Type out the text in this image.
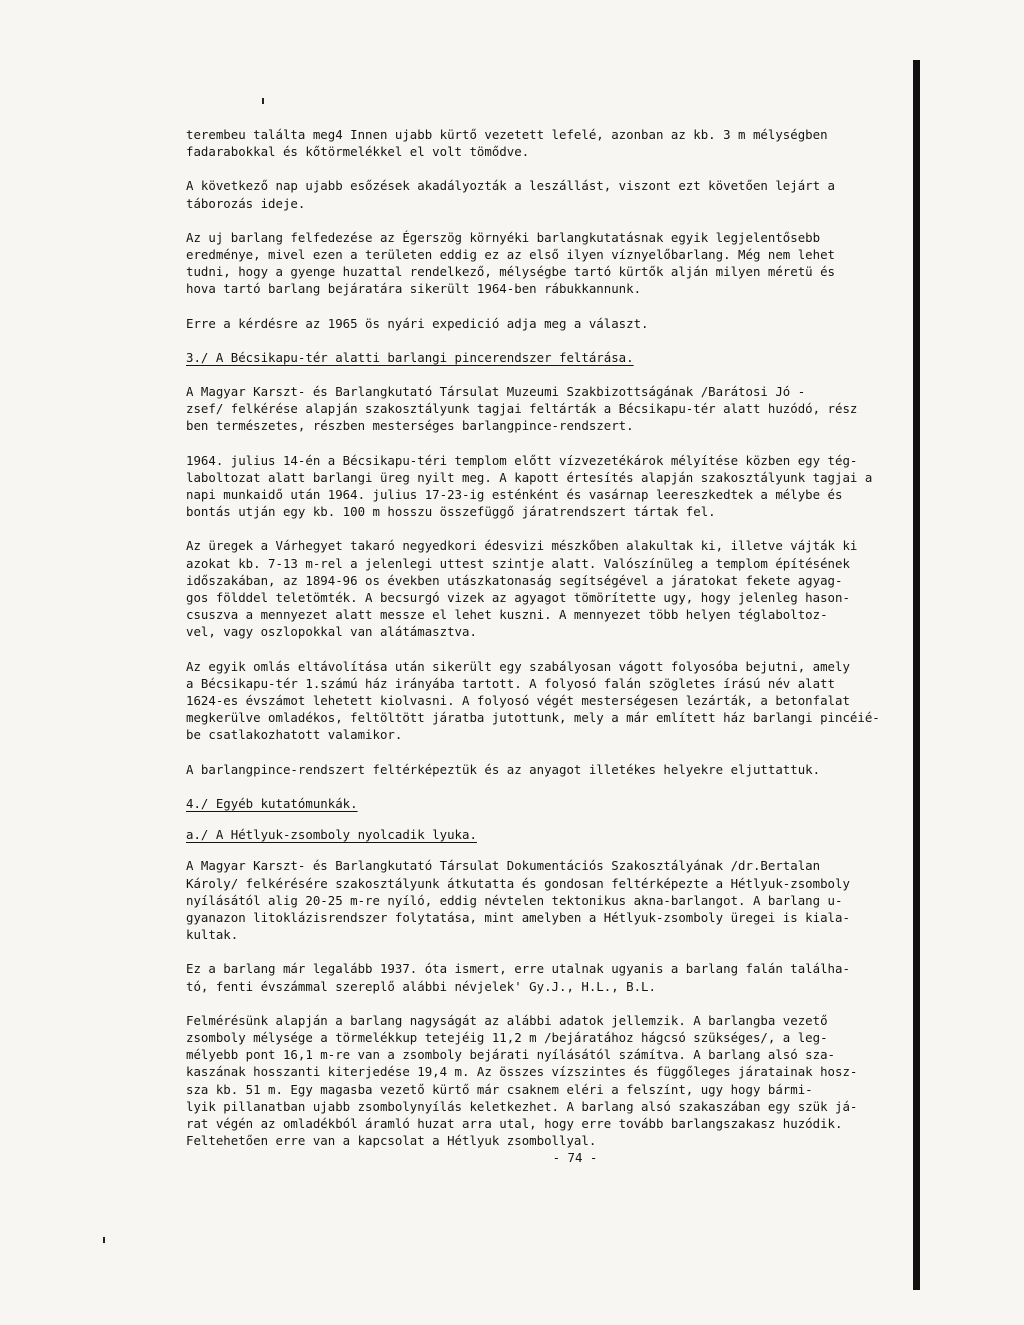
terembeu találta meg4 Innen ujabb kürtő vezetett lefelé, azonban az kb. 3 m mélységben
fadarabokkal és kőtörmelékkel el volt tömődve.
A következő nap ujabb esőzések akadályozták a leszállást, viszont ezt követően lejárt a
táborozás ideje.
Az uj barlang felfedezése az Égerszög környéki barlangkutatásnak egyik legjelentősebb
eredménye, mivel ezen a területen eddig ez az első ilyen víznyelőbarlang. Még nem lehet
tudni, hogy a gyenge huzattal rendelkező, mélységbe tartó kürtők alján milyen méretü és
hova tartó barlang bejáratára sikerült 1964-ben rábukkannunk.
Erre a kérdésre az 1965 ös nyári expedició adja meg a választ.
3./ A Bécsikapu-tér alatti barlangi pincerendszer feltárása.
A Magyar Karszt- és Barlangkutató Társulat Muzeumi Szakbizottságának /Barátosi Jó -
zsef/ felkérése alapján szakosztályunk tagjai feltárták a Bécsikapu-tér alatt huzódó, rész
ben természetes, részben mesterséges barlangpince-rendszert.
1964. julius 14-én a Bécsikapu-téri templom előtt vízvezetékárok mélyítése közben egy tég-
laboltozat alatt barlangi üreg nyilt meg. A kapott értesítés alapján szakosztályunk tagjai a
napi munkaidő után 1964. julius 17-23-ig esténként és vasárnap leereszkedtek a mélybe és
bontás utján egy kb. 100 m hosszu összefüggő járatrendszert tártak fel.
Az üregek a Várhegyet takaró negyedkori édesvizi mészkőben alakultak ki, illetve vájták ki
azokat kb. 7-13 m-rel a jelenlegi uttest szintje alatt. Valószínüleg a templom építésének
időszakában, az 1894-96 os években utászkatonaság segítségével a járatokat fekete agyag-
gos földdel teletömték. A becsurgó vizek az agyagot tömörítette ugy, hogy jelenleg hason-
csuszva a mennyezet alatt messze el lehet kuszni. A mennyezet több helyen téglaboltoz-
vel, vagy oszlopokkal van alátámasztva.
Az egyik omlás eltávolítása után sikerült egy szabályosan vágott folyosóba bejutni, amely
a Bécsikapu-tér 1.számú ház irányába tartott. A folyosó falán szögletes írású név alatt
1624-es évszámot lehetett kiolvasni. A folyosó végét mesterségesen lezárták, a betonfalat
megkerülve omladékos, feltöltött járatba jutottunk, mely a már említett ház barlangi pincéié-
be csatlakozhatott valamikor.
A barlangpince-rendszert feltérképeztük és az anyagot illetékes helyekre eljuttattuk.
4./ Egyéb kutatómunkák.
a./ A Hétlyuk-zsomboly nyolcadik lyuka.
A Magyar Karszt- és Barlangkutató Társulat Dokumentációs Szakosztályának /dr.Bertalan
Károly/ felkérésére szakosztályunk átkutatta és gondosan feltérképezte a Hétlyuk-zsomboly
nyílásától alig 20-25 m-re nyíló, eddig névtelen tektonikus akna-barlangot. A barlang u-
gyanazon litoklázisrendszer folytatása, mint amelyben a Hétlyuk-zsomboly üregei is kiala-
kultak.
Ez a barlang már legalább 1937. óta ismert, erre utalnak ugyanis a barlang falán találha-
tó, fenti évszámmal szereplő alábbi névjelek' Gy.J., H.L., B.L.
Felmérésünk alapján a barlang nagyságát az alábbi adatok jellemzik. A barlangba vezető
zsomboly mélysége a törmelékkup tetejéig 11,2 m /bejáratához hágcsó szükséges/, a leg-
mélyebb pont 16,1 m-re van a zsomboly bejárati nyílásától számítva. A barlang alsó sza-
kaszának hosszanti kiterjedése 19,4 m. Az összes vízszintes és függőleges járatainak hosz-
sza kb. 51 m. Egy magasba vezető kürtő már csaknem eléri a felszínt, ugy hogy bármi-
lyik pillanatban ujabb zsombolynyílás keletkezhet. A barlang alsó szakaszában egy szük já-
rat végén az omladékból áramló huzat arra utal, hogy erre tovább barlangszakasz huzódik.
Feltehetően erre van a kapcsolat a Hétlyuk zsombollyal.
- 74 -
